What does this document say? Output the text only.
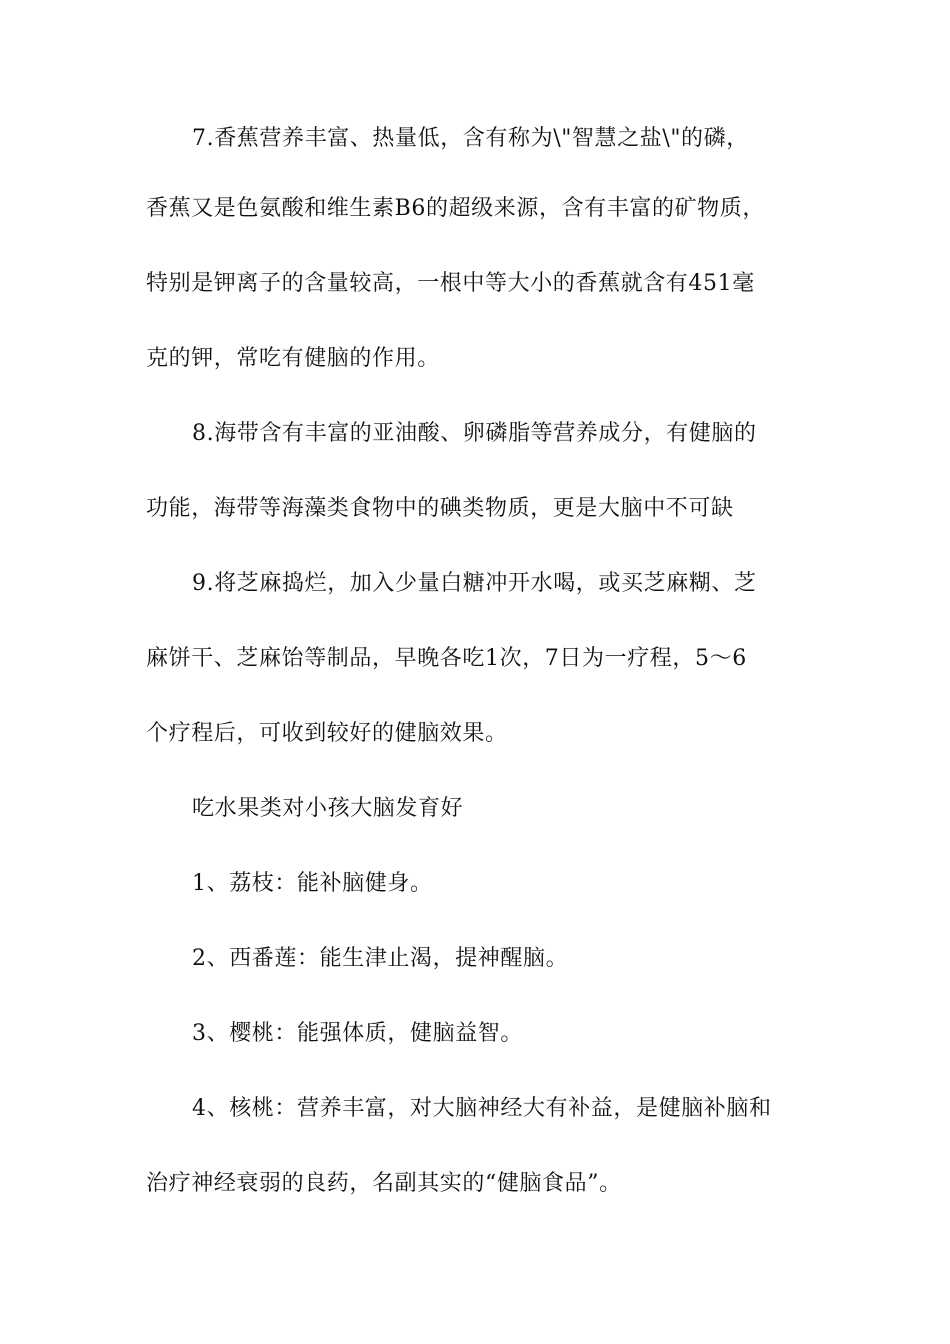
7.香蕉营养丰富、热量低，含有称为\"智慧之盐\"的磷，
香蕉又是色氨酸和维生素B6的超级来源，含有丰富的矿物质，
特别是钾离子的含量较高，一根中等大小的香蕉就含有451毫
克的钾，常吃有健脑的作用。
8.海带含有丰富的亚油酸、卵磷脂等营养成分，有健脑的
功能，海带等海藻类食物中的碘类物质，更是大脑中不可缺
9.将芝麻捣烂，加入少量白糖冲开水喝，或买芝麻糊、芝
麻饼干、芝麻饴等制品，早晚各吃1次，7日为一疗程，5～6
个疗程后，可收到较好的健脑效果。
吃水果类对小孩大脑发育好
1、荔枝：能补脑健身。
2、西番莲：能生津止渴，提神醒脑。
3、樱桃：能强体质，健脑益智。
4、核桃：营养丰富，对大脑神经大有补益，是健脑补脑和
治疗神经衰弱的良药，名副其实的“健脑食品”。
